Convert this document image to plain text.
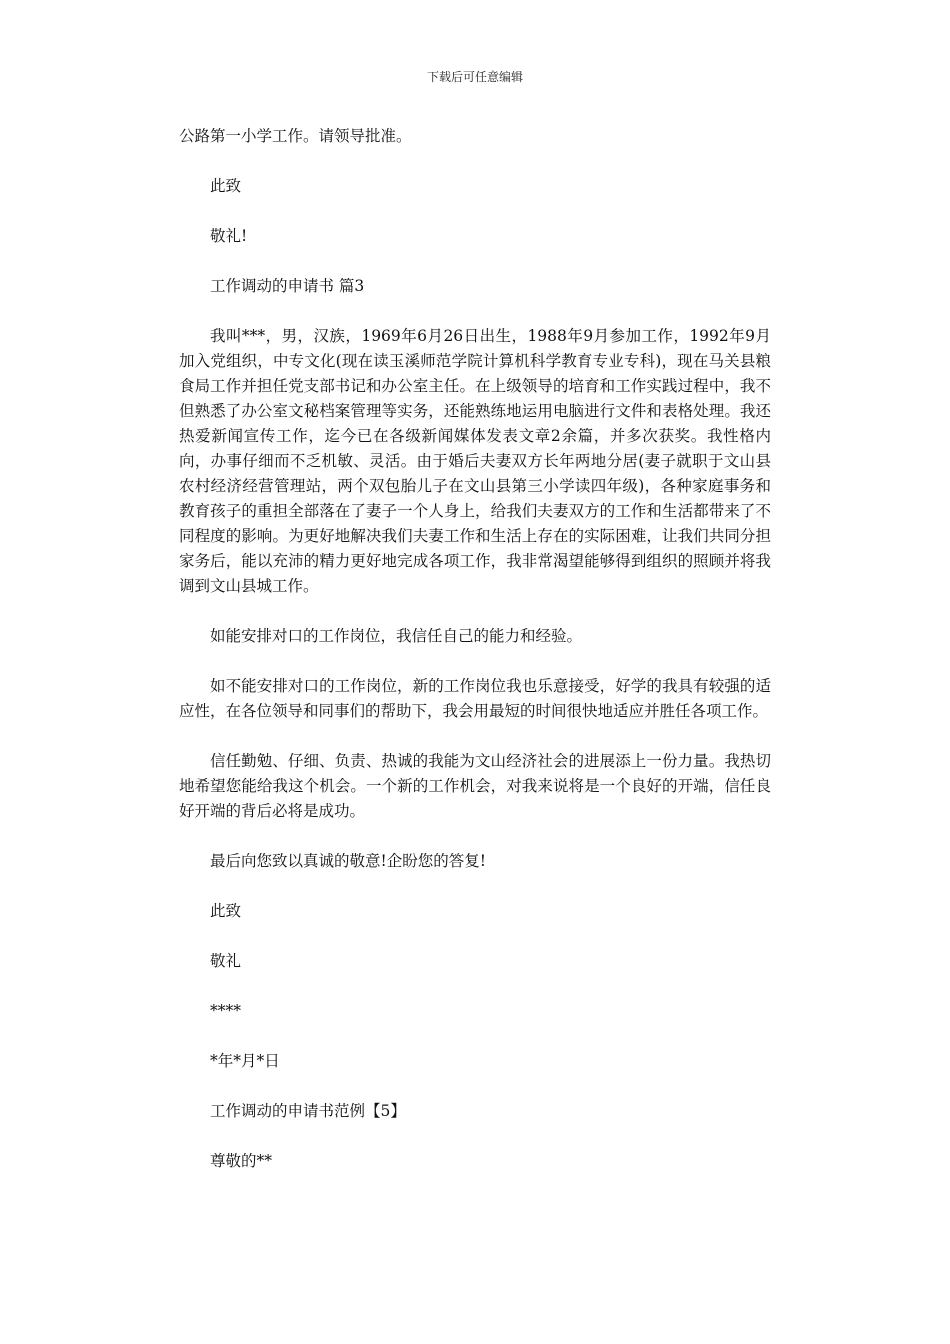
下载后可任意编辑

公路第一小学工作。请领导批准。

此致

敬礼!

工作调动的申请书 篇3

我叫***，男，汉族，1969年6月26日出生，1988年9月参加工作，1992年9月加入党组织，中专文化(现在读玉溪师范学院计算机科学教育专业专科)，现在马关县粮食局工作并担任党支部书记和办公室主任。在上级领导的培育和工作实践过程中，我不但熟悉了办公室文秘档案管理等实务，还能熟练地运用电脑进行文件和表格处理。我还热爱新闻宣传工作，迄今已在各级新闻媒体发表文章2余篇，并多次获奖。我性格内向，办事仔细而不乏机敏、灵活。由于婚后夫妻双方长年两地分居(妻子就职于文山县农村经济经营管理站，两个双包胎儿子在文山县第三小学读四年级)，各种家庭事务和教育孩子的重担全部落在了妻子一个人身上，给我们夫妻双方的工作和生活都带来了不同程度的影响。为更好地解决我们夫妻工作和生活上存在的实际困难，让我们共同分担家务后，能以充沛的精力更好地完成各项工作，我非常渴望能够得到组织的照顾并将我调到文山县城工作。

如能安排对口的工作岗位，我信任自己的能力和经验。

如不能安排对口的工作岗位，新的工作岗位我也乐意接受，好学的我具有较强的适应性，在各位领导和同事们的帮助下，我会用最短的时间很快地适应并胜任各项工作。

信任勤勉、仔细、负责、热诚的我能为文山经济社会的进展添上一份力量。我热切地希望您能给我这个机会。一个新的工作机会，对我来说将是一个良好的开端，信任良好开端的背后必将是成功。

最后向您致以真诚的敬意!企盼您的答复!

此致

敬礼

****

*年*月*日

工作调动的申请书范例【5】

尊敬的**
